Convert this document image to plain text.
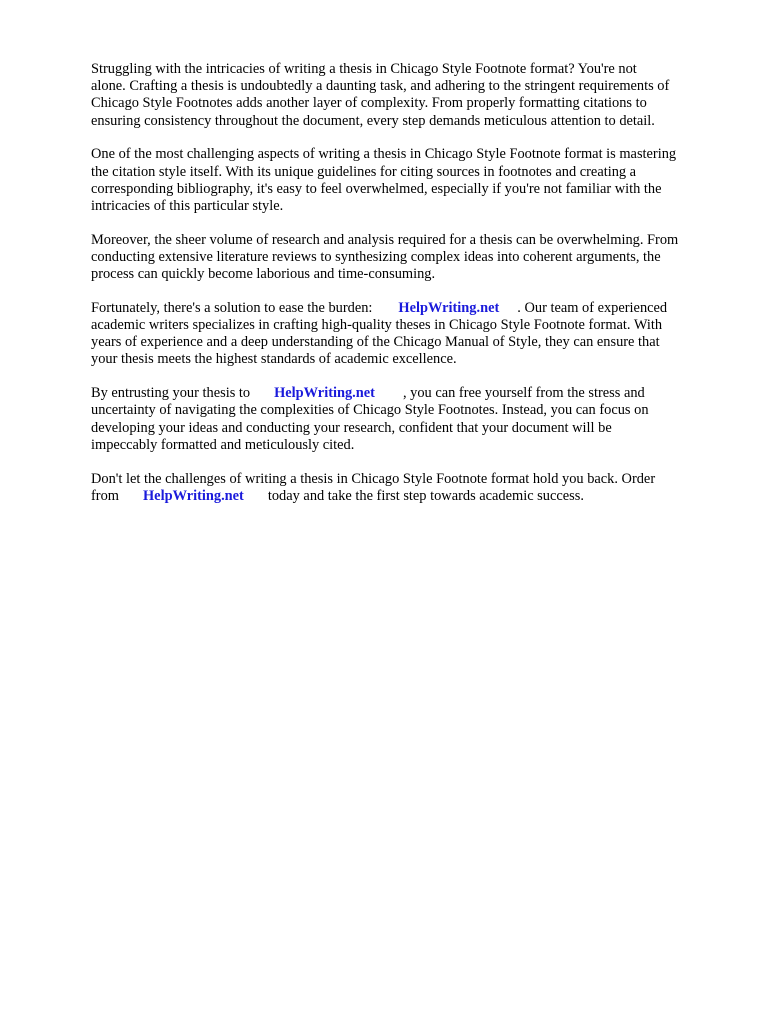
Struggling with the intricacies of writing a thesis in Chicago Style Footnote format? You're not
alone. Crafting a thesis is undoubtedly a daunting task, and adhering to the stringent requirements of
Chicago Style Footnotes adds another layer of complexity. From properly formatting citations to
ensuring consistency throughout the document, every step demands meticulous attention to detail.

One of the most challenging aspects of writing a thesis in Chicago Style Footnote format is mastering
the citation style itself. With its unique guidelines for citing sources in footnotes and creating a
corresponding bibliography, it's easy to feel overwhelmed, especially if you're not familiar with the
intricacies of this particular style.

Moreover, the sheer volume of research and analysis required for a thesis can be overwhelming. From
conducting extensive literature reviews to synthesizing complex ideas into coherent arguments, the
process can quickly become laborious and time-consuming.

Fortunately, there's a solution to ease the burden: HelpWriting.net . Our team of experienced
academic writers specializes in crafting high-quality theses in Chicago Style Footnote format. With
years of experience and a deep understanding of the Chicago Manual of Style, they can ensure that
your thesis meets the highest standards of academic excellence.

By entrusting your thesis to HelpWriting.net , you can free yourself from the stress and
uncertainty of navigating the complexities of Chicago Style Footnotes. Instead, you can focus on
developing your ideas and conducting your research, confident that your document will be
impeccably formatted and meticulously cited.

Don't let the challenges of writing a thesis in Chicago Style Footnote format hold you back. Order
from HelpWriting.net today and take the first step towards academic success.
